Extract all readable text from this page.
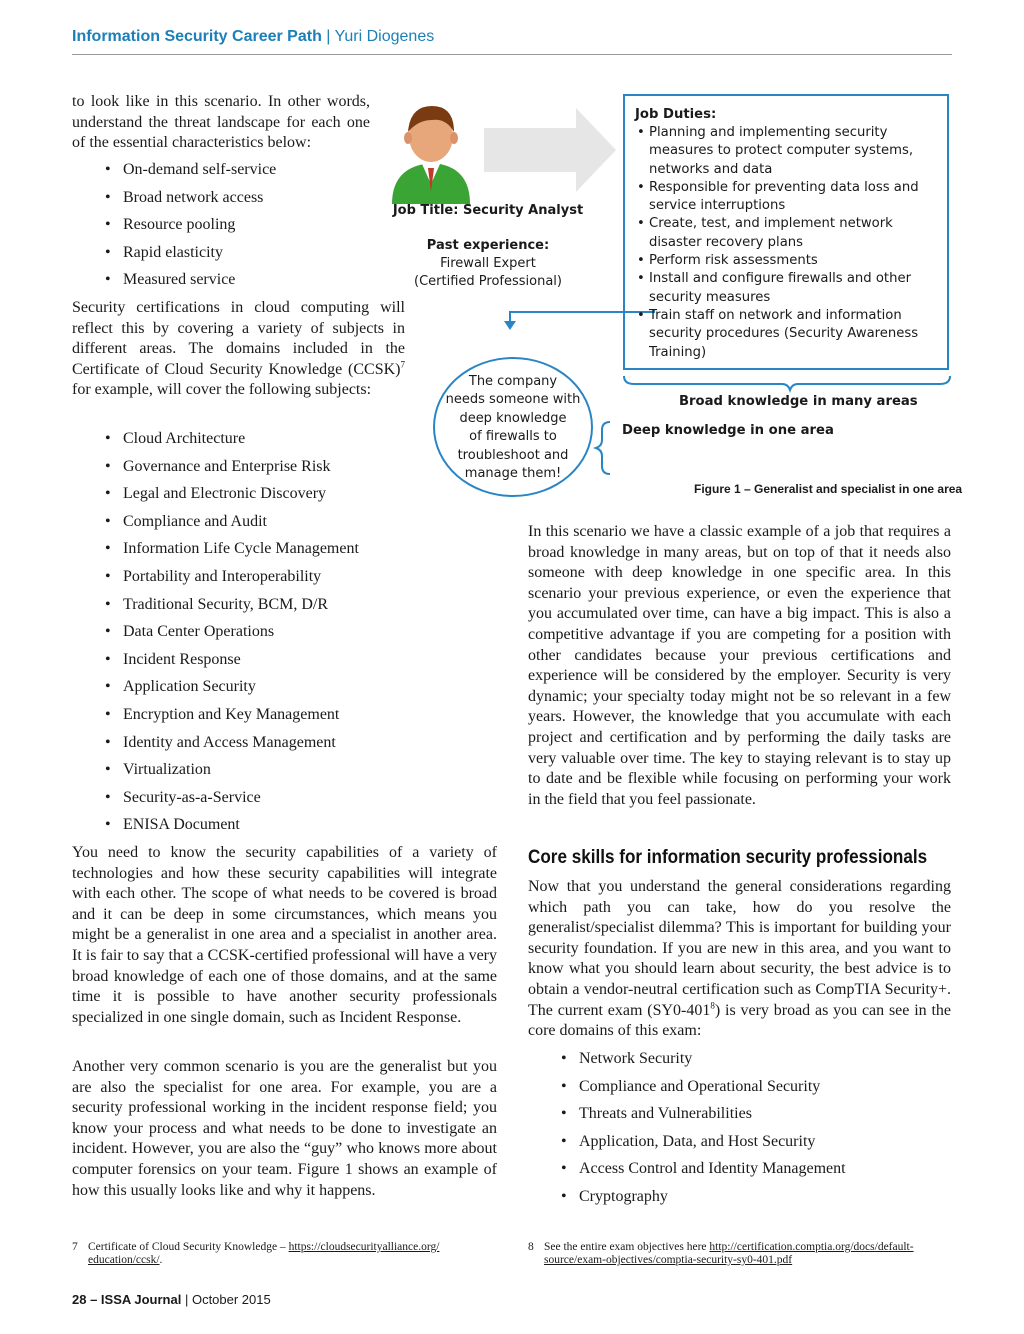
Information Security Career Path | Yuri Diogenes

to look like in this scenario. In other words, understand the threat landscape for each one of the essential characteristics below:

• On-demand self-service
• Broad network access
• Resource pooling
• Rapid elasticity
• Measured service

Security certifications in cloud computing will reflect this by covering a variety of subjects in different areas. The domains included in the Certificate of Cloud Security Knowledge (CCSK)$^7$ for example, will cover the following subjects:

• Cloud Architecture
• Governance and Enterprise Risk
• Legal and Electronic Discovery
• Compliance and Audit
• Information Life Cycle Management
• Portability and Interoperability
• Traditional Security, BCM, D/R
• Data Center Operations
• Incident Response
• Application Security
• Encryption and Key Management
• Identity and Access Management
• Virtualization
• Security-as-a-Service
• ENISA Document

You need to know the security capabilities of a variety of technologies and how these security capabilities will integrate with each other. The scope of what needs to be covered is broad and it can be deep in some circumstances, which means you might be a generalist in one area and a specialist in another area. It is fair to say that a CCSK-certified professional will have a very broad knowledge of each one of those domains, and at the same time it is possible to have another security professionals specialized in one single domain, such as Incident Response.

Another very common scenario is you are the generalist but you are also the specialist for one area. For example, you are a security professional working in the incident response field; you know your process and what needs to be done to investigate an incident. However, you are also the “guy” who knows more about computer forensics on your team. Figure 1 shows an example of how this usually looks like and why it happens.

Job Title: Security Analyst
Past experience:
Firewall Expert
(Certified Professional)
Job Duties:
• Planning and implementing security measures to protect computer systems, networks and data
• Responsible for preventing data loss and service interruptions
• Create, test, and implement network disaster recovery plans
• Perform risk assessments
• Install and configure firewalls and other security measures
• Train staff on network and information security procedures (Security Awareness Training)
The company
needs someone with
deep knowledge
of firewalls to
troubleshoot and
manage them!
Broad knowledge in many areas
Deep knowledge in one area
Figure 1 – Generalist and specialist in one area

In this scenario we have a classic example of a job that requires a broad knowledge in many areas, but on top of that it needs also someone with deep knowledge in one specific area. In this scenario your previous experience, or even the experience that you accumulated over time, can have a big impact. This is also a competitive advantage if you are competing for a position with other candidates because your previous certifications and experience will be considered by the employer. Security is very dynamic; your specialty today might not be so relevant in a few years. However, the knowledge that you accumulate with each project and certification and by performing the daily tasks are very valuable over time. The key to staying relevant is to stay up to date and be flexible while focusing on performing your work in the field that you feel passionate.

Core skills for information security professionals

Now that you understand the general considerations regarding which path you can take, how do you resolve the generalist/specialist dilemma? This is important for building your security foundation. If you are new in this area, and you want to know what you should learn about security, the best advice is to obtain a vendor-neutral certification such as CompTIA Security+. The current exam $(SY0-401^8)$ is very broad as you can see in the core domains of this exam:

• Network Security
• Compliance and Operational Security
• Threats and Vulnerabilities
• Application, Data, and Host Security
• Access Control and Identity Management
• Cryptography
7 Certificate of Cloud Security Knowledge – https://cloudsecurityalliance.org/
education/ccsk/.
8 See the entire exam objectives here http://certification.comptia.org/docs/default-
source/exam-objectives/comptia-security-sy0-401.pdf
28 – ISSA Journal | October 2015
